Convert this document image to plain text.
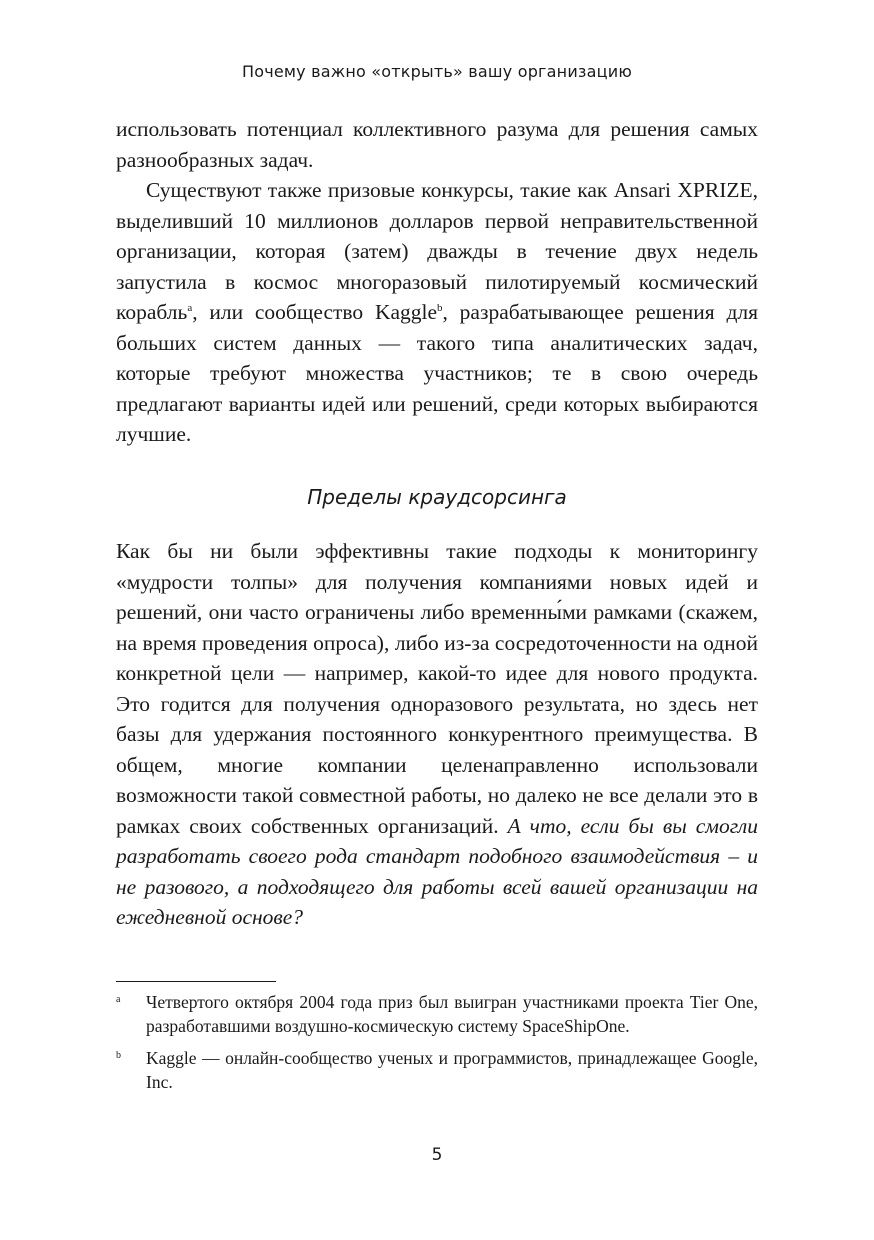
Почему важно «открыть» вашу организацию

использовать потенциал коллективного разума для решения самых разнообразных задач.

Существуют также призовые конкурсы, такие как Ansari XPRIZE, выделивший 10 миллионов долларов первой неправительственной организации, которая (затем) дважды в течение двух недель запустила в космос многоразовый пилотируемый космический корабль$^a$, или сообщество Kaggle$^b$, разрабатывающее решения для больших систем данных — такого типа аналитических задач, которые требуют множества участников; те в свою очередь предлагают варианты идей или решений, среди которых выбираются лучшие.

Пределы краудсорсинга

Как бы ни были эффективны такие подходы к мониторингу «мудрости толпы» для получения компаниями новых идей и решений, они часто ограничены либо временны́ми рамками (скажем, на время проведения опроса), либо из-за сосредоточенности на одной конкретной цели — например, какой-то идее для нового продукта. Это годится для получения одноразового результата, но здесь нет базы для удержания постоянного конкурентного преимущества. В общем, многие компании целенаправленно использовали возможности такой совместной работы, но далеко не все делали это в рамках своих собственных организаций. А что, если бы вы смогли разработать своего рода стандарт подобного взаимодействия – и не разового, а подходящего для работы всей вашей организации на ежедневной основе?

a Четвертого октября 2004 года приз был выигран участниками проекта Tier One, разработавшими воздушно-космическую систему SpaceShipOne.
b Kaggle — онлайн-сообщество ученых и программистов, принадлежащее Google, Inc.
5
